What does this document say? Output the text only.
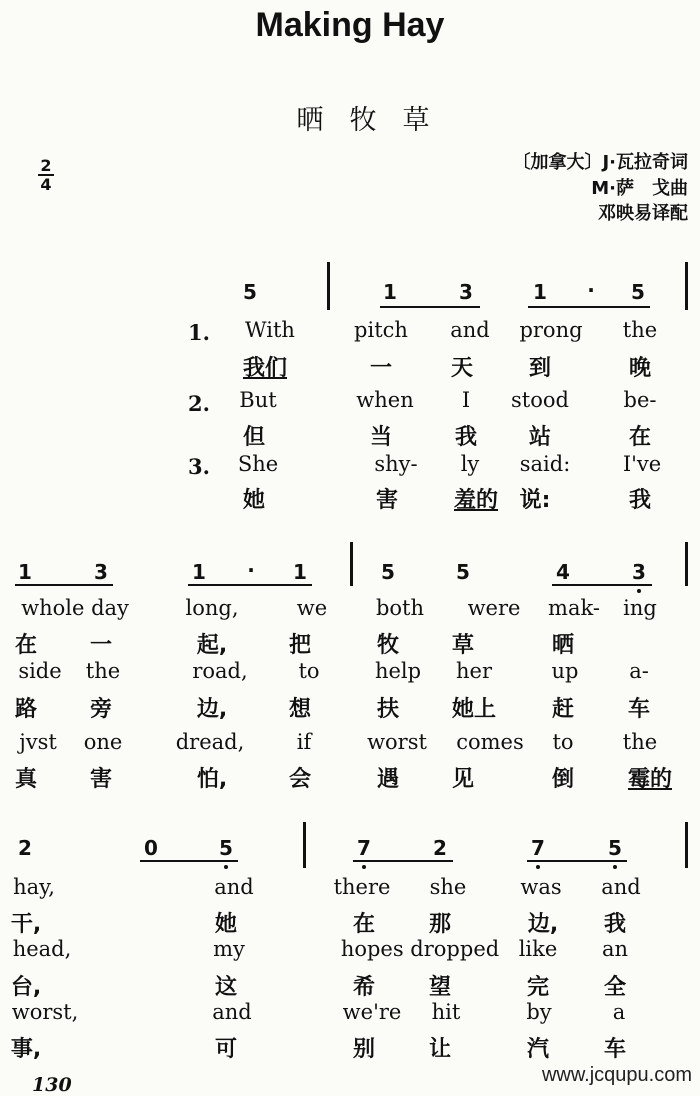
Making Hay
晒牧草
2
4
〔加拿大〕J·瓦拉奇词
M·萨　戈曲
邓映易译配
5	1	3	1 · 5
1.
2.
3.
With	pitch and prong the
我们	一	天	到	晚
But	when I stood	be-
但	当	我 站	在
She	shy- ly said:	I've
她	害	羞的 说:	我
1	3	1 · 1	5	5	4	3
whole day	long,	we both were mak- ing
在 一	起,	把	牧 草	晒
side the	road, to	help her	up a-
路 旁	边,	想	扶 她上	赶 车
jvst one	dread, if	worst comes to the
真 害	怕,	会	遇 见	倒 霉的
2	0	5	7	2	7	5
hay,	and	there she	was and
干,	她	在 那	边, 我
head,	my	hopes dropped like an
台,	这	希 望	完 全
worst,	and	we're hit	by	a
事,	可	别 让	汽 车
130	www.jcqupu.com
